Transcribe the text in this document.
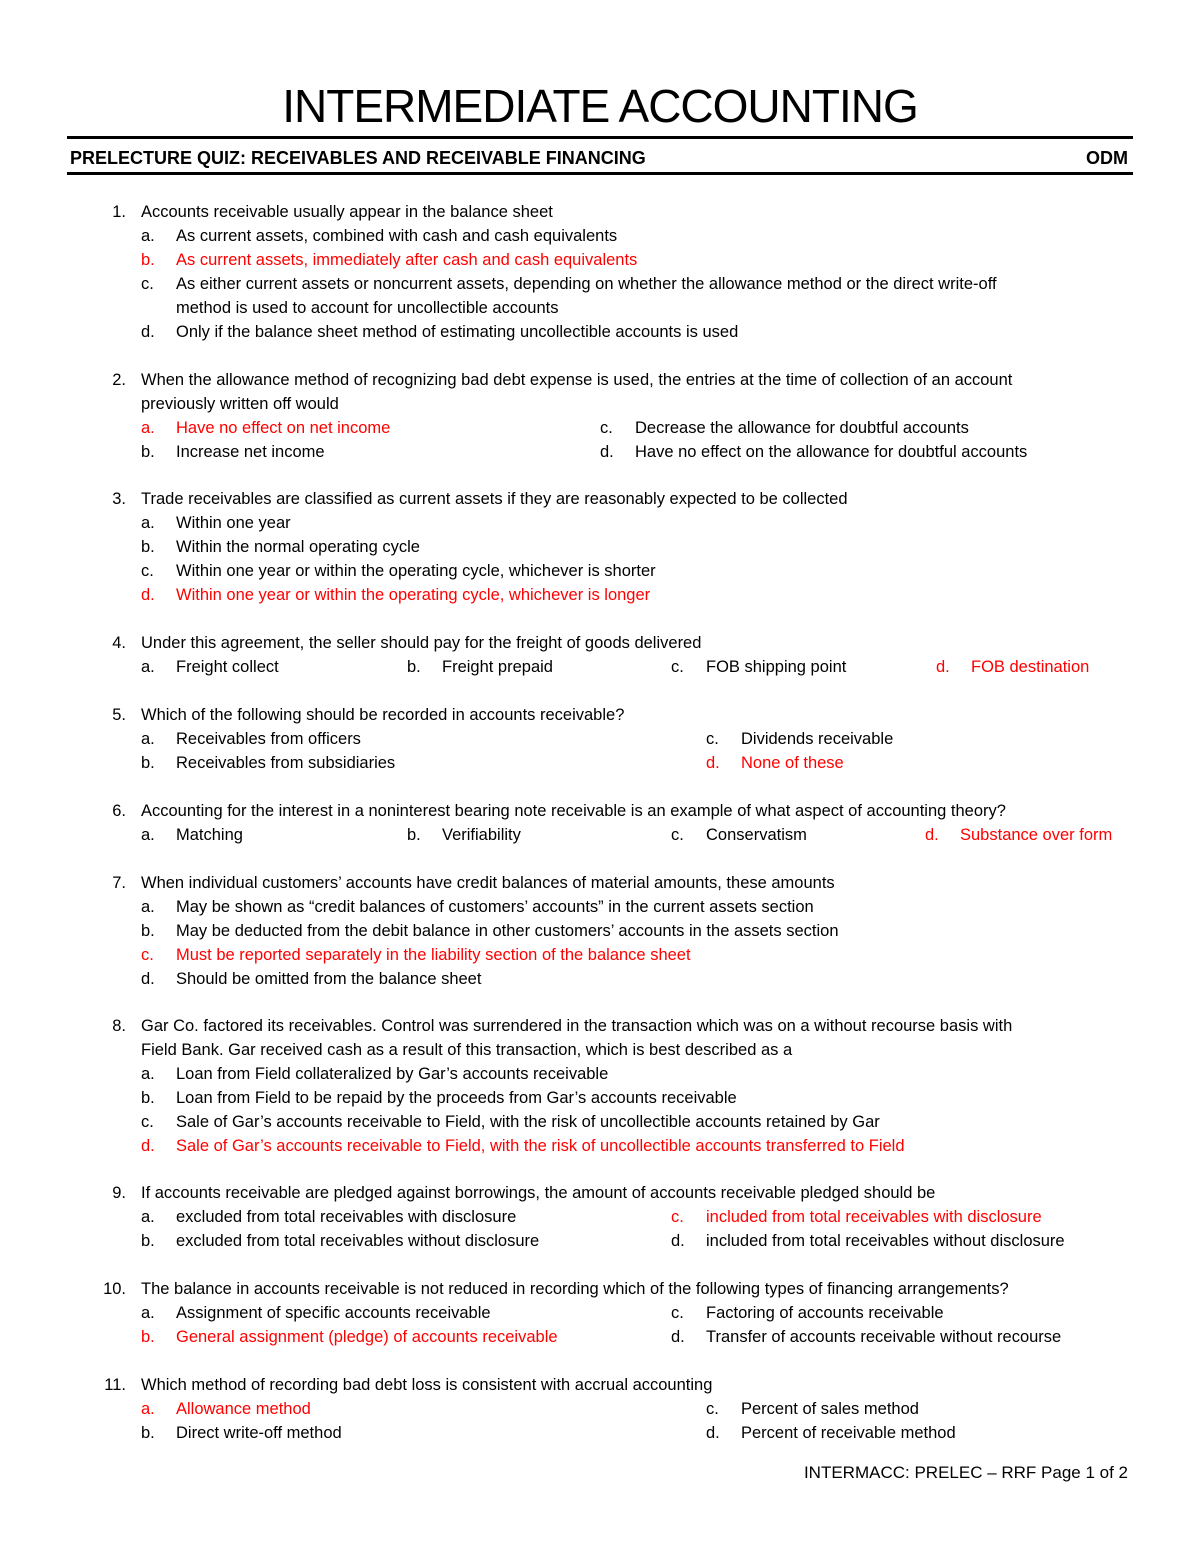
INTERMEDIATE ACCOUNTING
PRELECTURE QUIZ: RECEIVABLES AND RECEIVABLE FINANCING	ODM
1. Accounts receivable usually appear in the balance sheet
a. As current assets, combined with cash and cash equivalents
b. As current assets, immediately after cash and cash equivalents
c. As either current assets or noncurrent assets, depending on whether the allowance method or the direct write-off
method is used to account for uncollectible accounts
d. Only if the balance sheet method of estimating uncollectible accounts is used
2. When the allowance method of recognizing bad debt expense is used, the entries at the time of collection of an account
previously written off would
a. Have no effect on net income	c. Decrease the allowance for doubtful accounts
b. Increase net income	d. Have no effect on the allowance for doubtful accounts
3. Trade receivables are classified as current assets if they are reasonably expected to be collected
a. Within one year
b. Within the normal operating cycle
c. Within one year or within the operating cycle, whichever is shorter
d. Within one year or within the operating cycle, whichever is longer
4. Under this agreement, the seller should pay for the freight of goods delivered
a. Freight collect	b. Freight prepaid	c. FOB shipping point	d. FOB destination
5. Which of the following should be recorded in accounts receivable?
a. Receivables from officers	c. Dividends receivable
b. Receivables from subsidiaries	d. None of these
6. Accounting for the interest in a noninterest bearing note receivable is an example of what aspect of accounting theory?
a. Matching	b. Verifiability	c. Conservatism	d. Substance over form
7. When individual customers’ accounts have credit balances of material amounts, these amounts
a. May be shown as “credit balances of customers’ accounts” in the current assets section
b. May be deducted from the debit balance in other customers’ accounts in the assets section
c. Must be reported separately in the liability section of the balance sheet
d. Should be omitted from the balance sheet
8. Gar Co. factored its receivables. Control was surrendered in the transaction which was on a without recourse basis with
Field Bank. Gar received cash as a result of this transaction, which is best described as a
a. Loan from Field collateralized by Gar’s accounts receivable
b. Loan from Field to be repaid by the proceeds from Gar’s accounts receivable
c. Sale of Gar’s accounts receivable to Field, with the risk of uncollectible accounts retained by Gar
d. Sale of Gar’s accounts receivable to Field, with the risk of uncollectible accounts transferred to Field
9. If accounts receivable are pledged against borrowings, the amount of accounts receivable pledged should be
a. excluded from total receivables with disclosure	c. included from total receivables with disclosure
b. excluded from total receivables without disclosure	d. included from total receivables without disclosure
10. The balance in accounts receivable is not reduced in recording which of the following types of financing arrangements?
a. Assignment of specific accounts receivable	c. Factoring of accounts receivable
b. General assignment (pledge) of accounts receivable	d. Transfer of accounts receivable without recourse
11. Which method of recording bad debt loss is consistent with accrual accounting
a. Allowance method	c. Percent of sales method
b. Direct write-off method	d. Percent of receivable method
INTERMACC: PRELEC – RRF Page 1 of 2
